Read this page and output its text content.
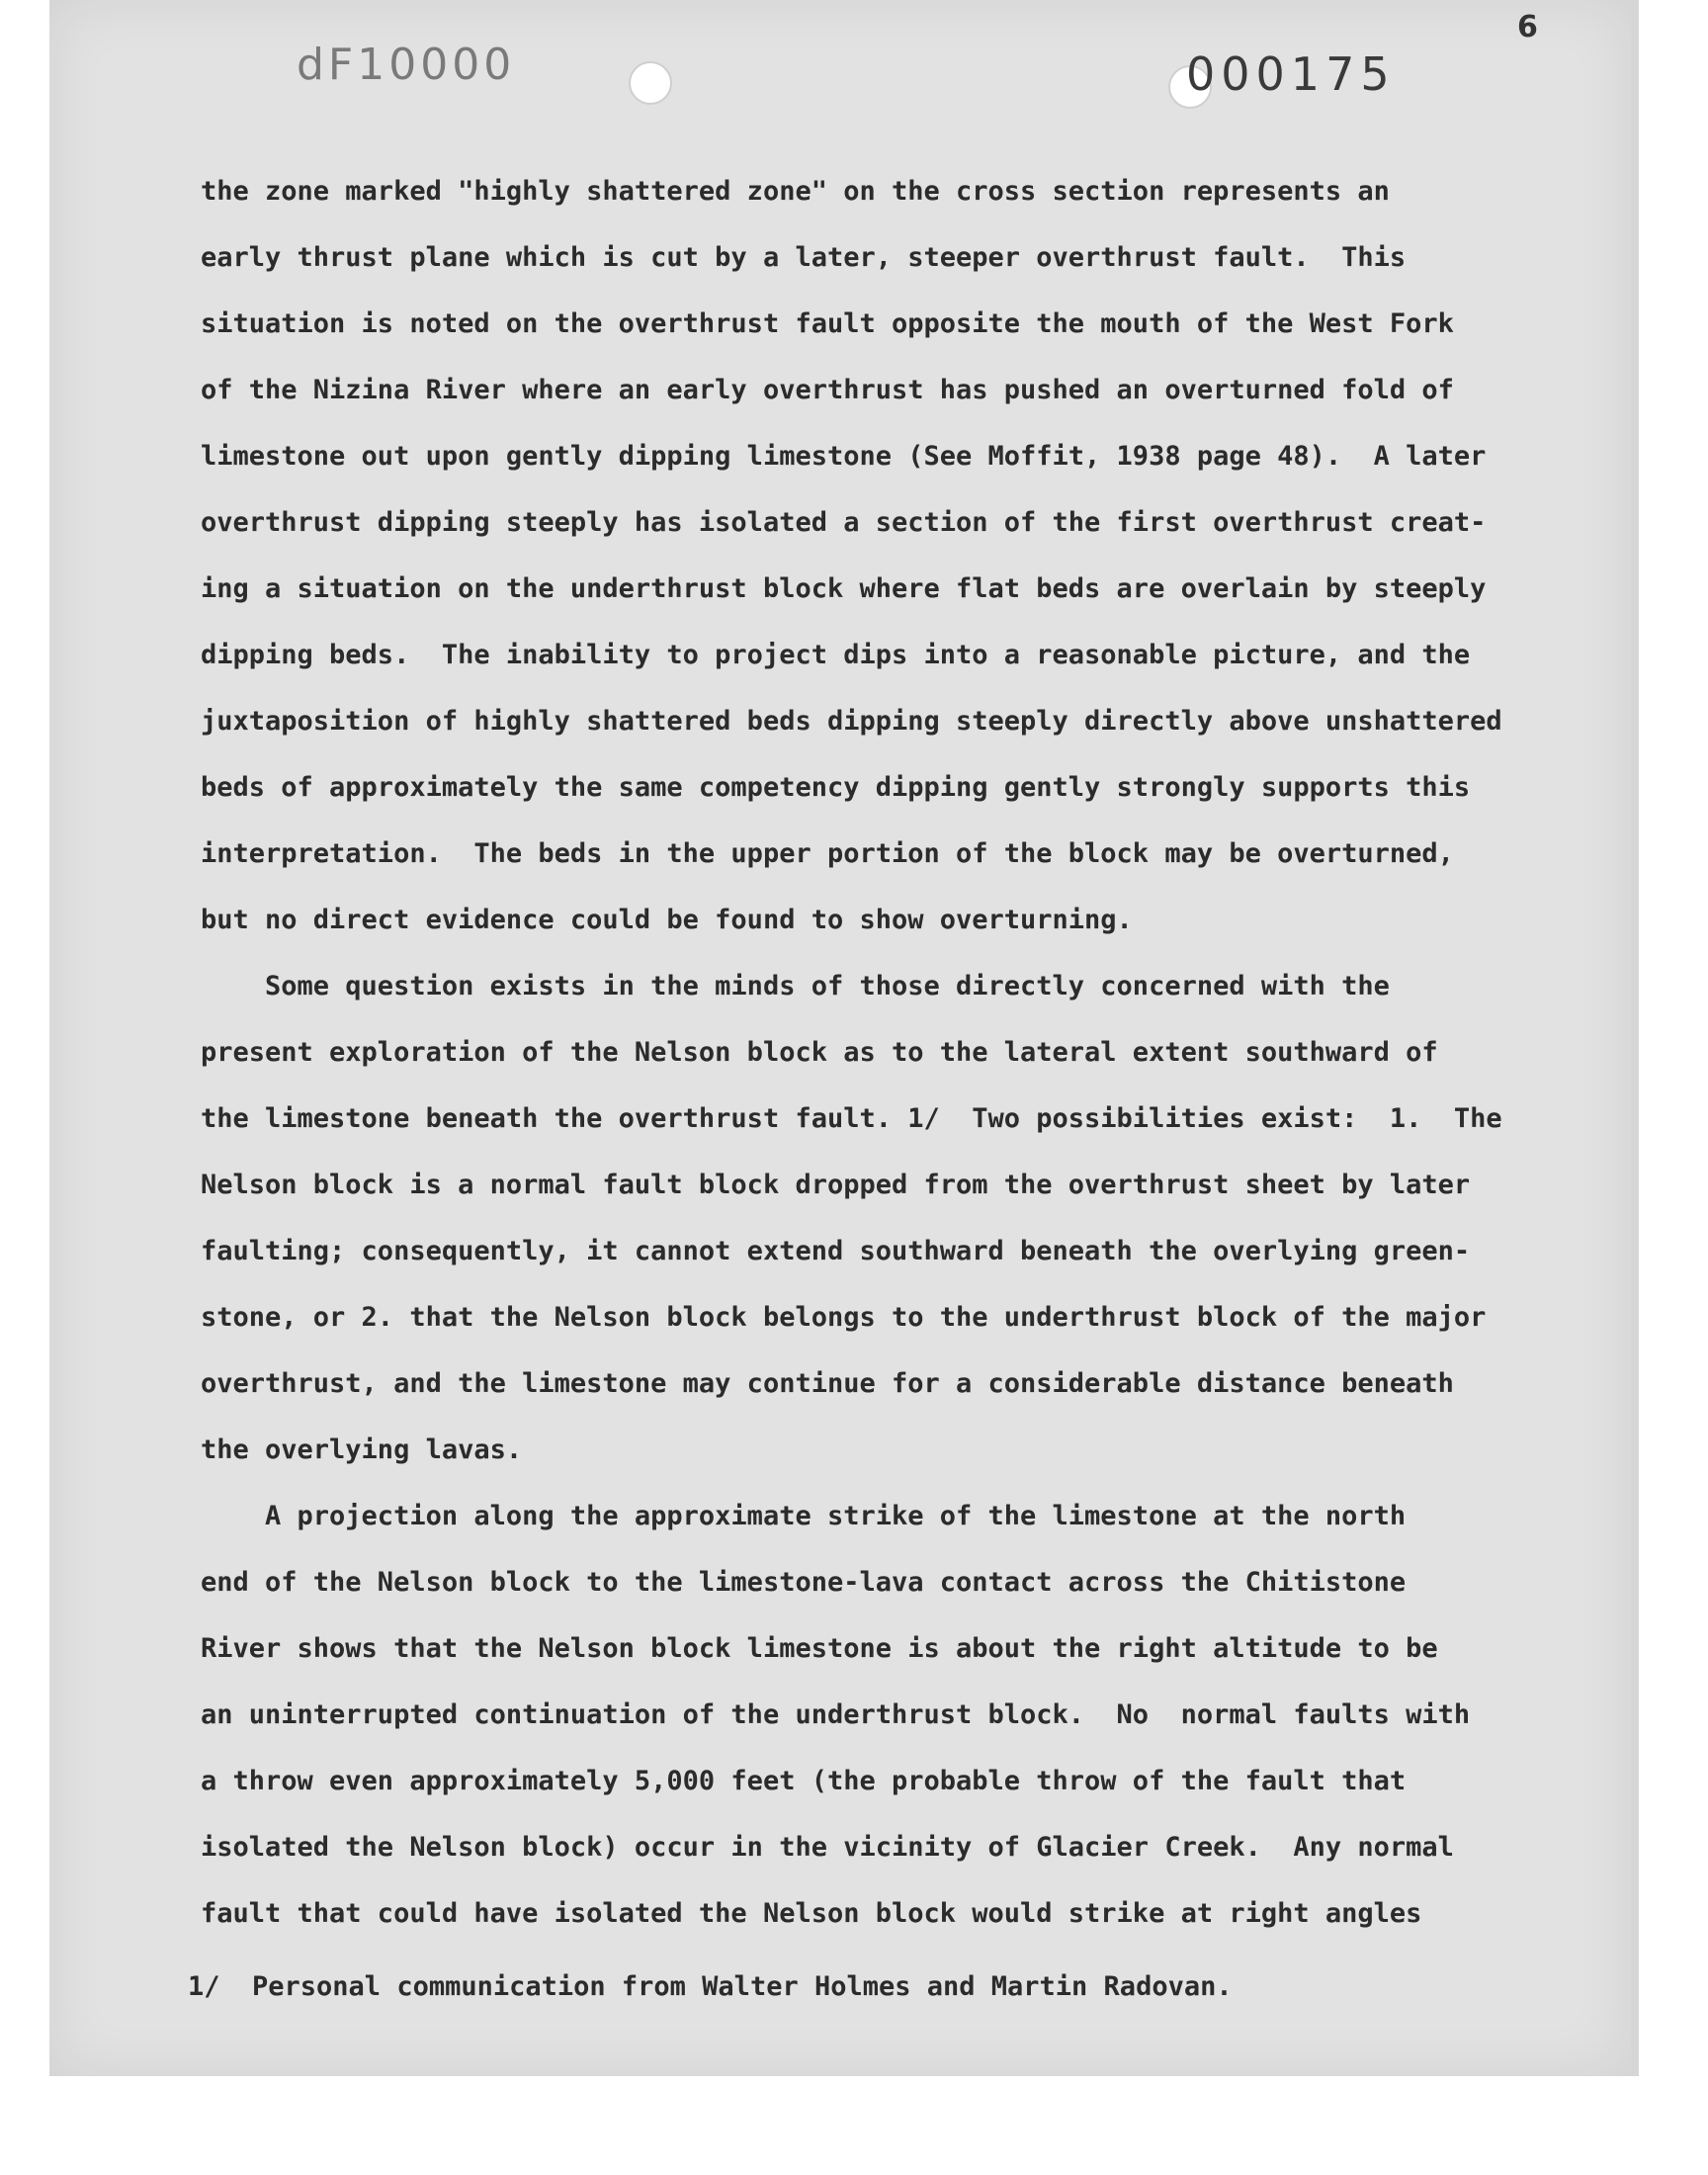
dF10000	000175
6
the zone marked "highly shattered zone" on the cross section represents an
early thrust plane which is cut by a later, steeper overthrust fault.  This
situation is noted on the overthrust fault opposite the mouth of the West Fork
of the Nizina River where an early overthrust has pushed an overturned fold of
limestone out upon gently dipping limestone (See Moffit, 1938 page 48).  A later
overthrust dipping steeply has isolated a section of the first overthrust creat-
ing a situation on the underthrust block where flat beds are overlain by steeply
dipping beds.  The inability to project dips into a reasonable picture, and the
juxtaposition of highly shattered beds dipping steeply directly above unshattered
beds of approximately the same competency dipping gently strongly supports this
interpretation.  The beds in the upper portion of the block may be overturned,
but no direct evidence could be found to show overturning.
Some question exists in the minds of those directly concerned with the
present exploration of the Nelson block as to the lateral extent southward of
the limestone beneath the overthrust fault. 1/  Two possibilities exist:  1.  The
Nelson block is a normal fault block dropped from the overthrust sheet by later
faulting; consequently, it cannot extend southward beneath the overlying green-
stone, or 2. that the Nelson block belongs to the underthrust block of the major
overthrust, and the limestone may continue for a considerable distance beneath
the overlying lavas.
A projection along the approximate strike of the limestone at the north
end of the Nelson block to the limestone-lava contact across the Chitistone
River shows that the Nelson block limestone is about the right altitude to be
an uninterrupted continuation of the underthrust block.  No  normal faults with
a throw even approximately 5,000 feet (the probable throw of the fault that
isolated the Nelson block) occur in the vicinity of Glacier Creek.  Any normal
fault that could have isolated the Nelson block would strike at right angles
1/  Personal communication from Walter Holmes and Martin Radovan.
